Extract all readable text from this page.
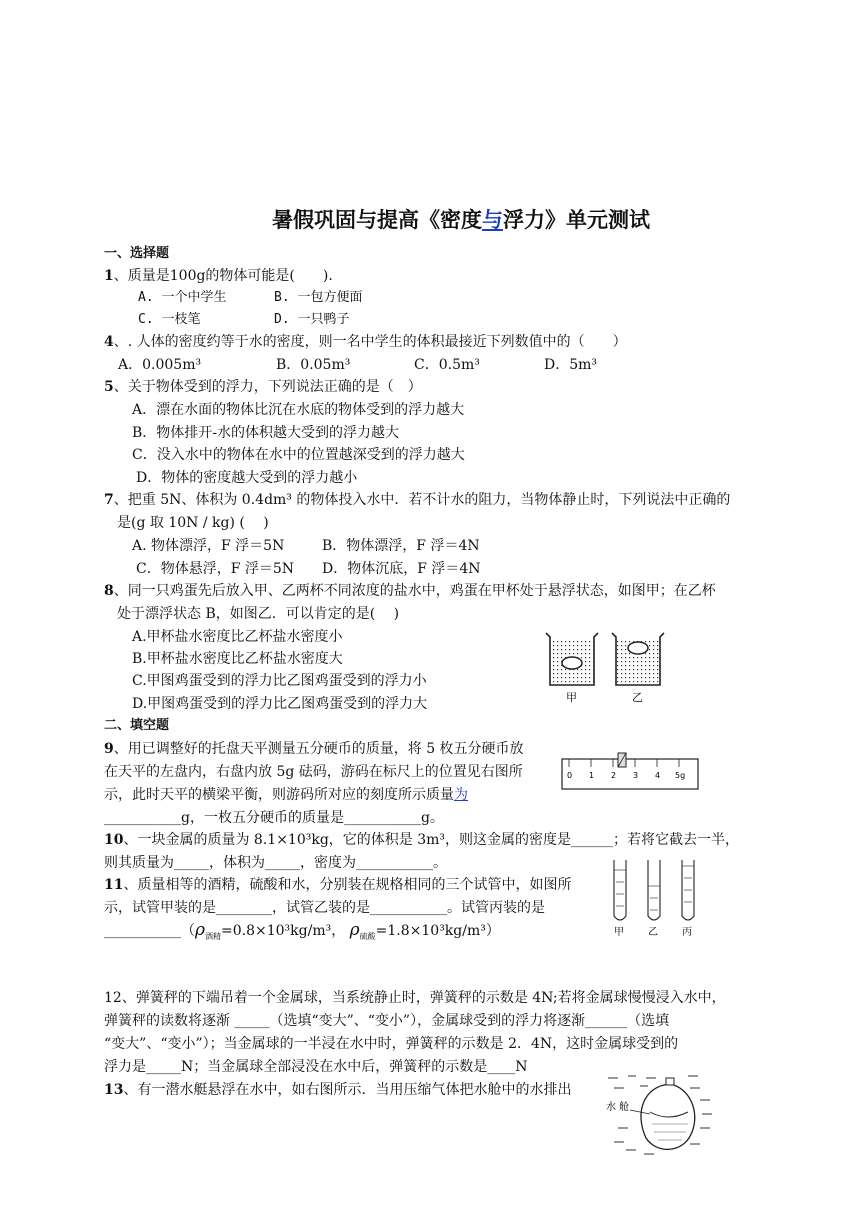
暑假巩固与提高《密度与浮力》单元测试
一、选择题
1、质量是100g的物体可能是(　　).
A. 一个中学生	B. 一包方便面
C. 一枝笔	D. 一只鸭子
4、. 人体的密度约等于水的密度，则一名中学生的体积最接近下列数值中的（　　）
A．0.005m³	B．0.05m³	C．0.5m³	D．5m³
5、关于物体受到的浮力，下列说法正确的是（　）
A．漂在水面的物体比沉在水底的物体受到的浮力越大
B．物体排开-水的体积越大受到的浮力越大
C．没入水中的物体在水中的位置越深受到的浮力越大
D．物体的密度越大受到的浮力越小
7、把重 5N、体积为 0.4dm³ 的物体投入水中．若不计水的阻力，当物体静止时，下列说法中正确的
是(g 取 10N / kg) (　 )
A. 物体漂浮，F 浮＝5N	B．物体漂浮，F 浮＝4N
C．物体悬浮，F 浮＝5N D．物体沉底，F 浮＝4N
8、同一只鸡蛋先后放入甲、乙两杯不同浓度的盐水中，鸡蛋在甲杯处于悬浮状态，如图甲；在乙杯
处于漂浮状态 B，如图乙．可以肯定的是(　 )
A.甲杯盐水密度比乙杯盐水密度小
B.甲杯盐水密度比乙杯盐水密度大
C.甲图鸡蛋受到的浮力比乙图鸡蛋受到的浮力小
D.甲图鸡蛋受到的浮力比乙图鸡蛋受到的浮力大	甲	乙
二、填空题
9、用已调整好的托盘天平测量五分硬币的质量，将 5 枚五分硬币放
在天平的左盘内，右盘内放 5g 砝码，游码在标尺上的位置见右图所
示，此时天平的横梁平衡，则游码所对应的刻度所示质量为
___________g，一枚五分硬币的质量是___________g。
0 1 2 3 4 5g
10、一块金属的质量为 8.1×10³kg，它的体积是 3m³，则这金属的密度是______；若将它截去一半，
则其质量为_____，体积为_____，密度为___________。
11、质量相等的酒精，硫酸和水，分别装在规格相同的三个试管中，如图所
示，试管甲装的是________，试管乙装的是___________。试管丙装的是
$\_\_\_\_\_\_\_\_\_\_\_(\rho_{酒精}=0.8\times 10^3kg/m^3$， $\rho_{硫酸}=1.8\times 10^3kg/m^3$）	甲 乙 丙
12、弹簧秤的下端吊着一个金属球，当系统静止时，弹簧秤的示数是 4N;若将金属球慢慢浸入水中，
弹簧秤的读数将逐渐 _____（选填“变大”、“变小”），金属球受到的浮力将逐渐______（选填
“变大”、“变小”）；当金属球的一半浸在水中时，弹簧秤的示数是 2．4N，这时金属球受到的
浮力是_____N；当金属球全部浸没在水中后，弹簧秤的示数是____N
13、有一潜水艇悬浮在水中，如右图所示．当用压缩气体把水舱中的水排出
水 舱
